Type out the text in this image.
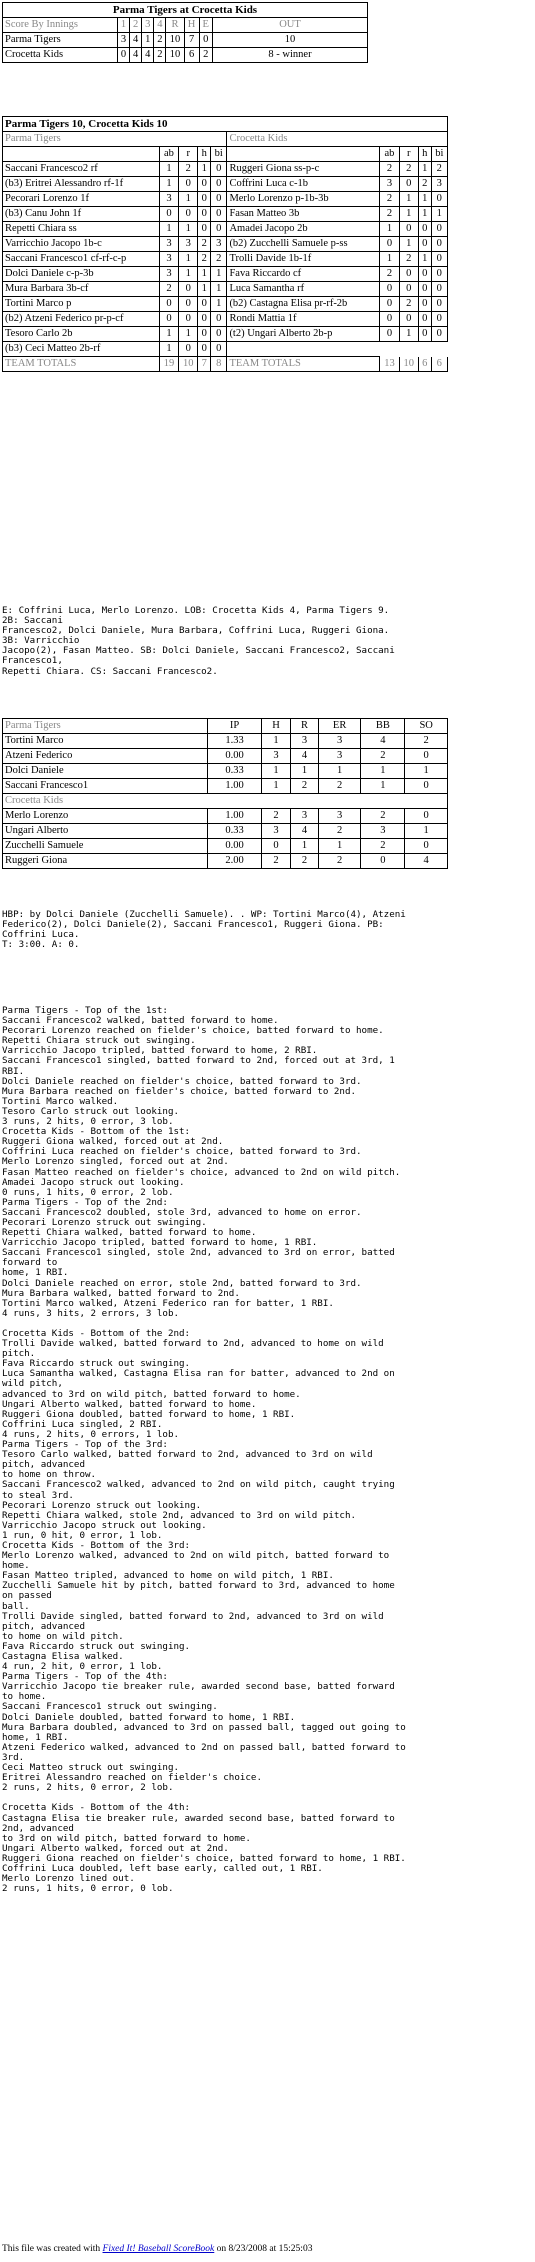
Parma Tigers at Crocetta Kids								
Score By Innings	1	2	3	4	R	H	E	OUT
Parma Tigers	3	4	1	2	10	7	0	10
Crocetta Kids	0	4	4	2	10	6	2	8 - winner
Parma Tigers 10, Crocetta Kids 10									
Parma Tigers					Crocetta Kids				
	ab	r	h	bi		ab	r	h	bi
Saccani Francesco2 rf	1	2	1	0	Ruggeri Giona ss-p-c	2	2	1	2
(b3) Eritrei Alessandro rf-1f	1	0	0	0	Coffrini Luca c-1b	3	0	2	3
Pecorari Lorenzo 1f	3	1	0	0	Merlo Lorenzo p-1b-3b	2	1	1	0
(b3) Canu John 1f	0	0	0	0	Fasan Matteo 3b	2	1	1	1
Repetti Chiara ss	1	1	0	0	Amadei Jacopo 2b	1	0	0	0
Varricchio Jacopo 1b-c	3	3	2	3	(b2) Zucchelli Samuele p-ss	0	1	0	0
Saccani Francesco1 cf-rf-c-p	3	1	2	2	Trolli Davide 1b-1f	1	2	1	0
Dolci Daniele c-p-3b	3	1	1	1	Fava Riccardo cf	2	0	0	0
Mura Barbara 3b-cf	2	0	1	1	Luca Samantha rf	0	0	0	0
Tortini Marco p	0	0	0	1	(b2) Castagna Elisa pr-rf-2b	0	2	0	0
(b2) Atzeni Federico pr-p-cf	0	0	0	0	Rondi Mattia 1f	0	0	0	0
Tesoro Carlo 2b	1	1	0	0	(t2) Ungari Alberto 2b-p	0	1	0	0
(b3) Ceci Matteo 2b-rf	1	0	0	0					
TEAM TOTALS	19	10	7	8	TEAM TOTALS	13	10	6	6
E: Coffrini Luca, Merlo Lorenzo. LOB: Crocetta Kids 4, Parma Tigers 9.
2B: Saccani
Francesco2, Dolci Daniele, Mura Barbara, Coffrini Luca, Ruggeri Giona.
3B: Varricchio
Jacopo(2), Fasan Matteo. SB: Dolci Daniele, Saccani Francesco2, Saccani
Francesco1,
Repetti Chiara. CS: Saccani Francesco2.
Parma Tigers	IP	H	R	ER	BB	SO
Tortini Marco	1.33	1	3	3	4	2
Atzeni Federico	0.00	3	4	3	2	0
Dolci Daniele	0.33	1	1	1	1	1
Saccani Francesco1	1.00	1	2	2	1	0
Crocetta Kids						
Merlo Lorenzo	1.00	2	3	3	2	0
Ungari Alberto	0.33	3	4	2	3	1
Zucchelli Samuele	0.00	0	1	1	2	0
Ruggeri Giona	2.00	2	2	2	0	4
HBP: by Dolci Daniele (Zucchelli Samuele). . WP: Tortini Marco(4), Atzeni
Federico(2), Dolci Daniele(2), Saccani Francesco1, Ruggeri Giona. PB:
Coffrini Luca.
T: 3:00. A: 0.
Parma Tigers - Top of the 1st:
Saccani Francesco2 walked, batted forward to home.
Pecorari Lorenzo reached on fielder's choice, batted forward to home.
Repetti Chiara struck out swinging.
Varricchio Jacopo tripled, batted forward to home, 2 RBI.
Saccani Francesco1 singled, batted forward to 2nd, forced out at 3rd, 1
RBI.
Dolci Daniele reached on fielder's choice, batted forward to 3rd.
Mura Barbara reached on fielder's choice, batted forward to 2nd.
Tortini Marco walked.
Tesoro Carlo struck out looking.
3 runs, 2 hits, 0 error, 3 lob.
Crocetta Kids - Bottom of the 1st:
Ruggeri Giona walked, forced out at 2nd.
Coffrini Luca reached on fielder's choice, batted forward to 3rd.
Merlo Lorenzo singled, forced out at 2nd.
Fasan Matteo reached on fielder's choice, advanced to 2nd on wild pitch.
Amadei Jacopo struck out looking.
0 runs, 1 hits, 0 error, 2 lob.
Parma Tigers - Top of the 2nd:
Saccani Francesco2 doubled, stole 3rd, advanced to home on error.
Pecorari Lorenzo struck out swinging.
Repetti Chiara walked, batted forward to home.
Varricchio Jacopo tripled, batted forward to home, 1 RBI.
Saccani Francesco1 singled, stole 2nd, advanced to 3rd on error, batted
forward to
home, 1 RBI.
Dolci Daniele reached on error, stole 2nd, batted forward to 3rd.
Mura Barbara walked, batted forward to 2nd.
Tortini Marco walked, Atzeni Federico ran for batter, 1 RBI.
4 runs, 3 hits, 2 errors, 3 lob.

Crocetta Kids - Bottom of the 2nd:
Trolli Davide walked, batted forward to 2nd, advanced to home on wild
pitch.
Fava Riccardo struck out swinging.
Luca Samantha walked, Castagna Elisa ran for batter, advanced to 2nd on
wild pitch,
advanced to 3rd on wild pitch, batted forward to home.
Ungari Alberto walked, batted forward to home.
Ruggeri Giona doubled, batted forward to home, 1 RBI.
Coffrini Luca singled, 2 RBI.
4 runs, 2 hits, 0 errors, 1 lob.
Parma Tigers - Top of the 3rd:
Tesoro Carlo walked, batted forward to 2nd, advanced to 3rd on wild
pitch, advanced
to home on throw.
Saccani Francesco2 walked, advanced to 2nd on wild pitch, caught trying
to steal 3rd.
Pecorari Lorenzo struck out looking.
Repetti Chiara walked, stole 2nd, advanced to 3rd on wild pitch.
Varricchio Jacopo struck out looking.
1 run, 0 hit, 0 error, 1 lob.
Crocetta Kids - Bottom of the 3rd:
Merlo Lorenzo walked, advanced to 2nd on wild pitch, batted forward to
home.
Fasan Matteo tripled, advanced to home on wild pitch, 1 RBI.
Zucchelli Samuele hit by pitch, batted forward to 3rd, advanced to home
on passed
ball.
Trolli Davide singled, batted forward to 2nd, advanced to 3rd on wild
pitch, advanced
to home on wild pitch.
Fava Riccardo struck out swinging.
Castagna Elisa walked.
4 run, 2 hit, 0 error, 1 lob.
Parma Tigers - Top of the 4th:
Varricchio Jacopo tie breaker rule, awarded second base, batted forward
to home.
Saccani Francesco1 struck out swinging.
Dolci Daniele doubled, batted forward to home, 1 RBI.
Mura Barbara doubled, advanced to 3rd on passed ball, tagged out going to
home, 1 RBI.
Atzeni Federico walked, advanced to 2nd on passed ball, batted forward to
3rd.
Ceci Matteo struck out swinging.
Eritrei Alessandro reached on fielder's choice.
2 runs, 2 hits, 0 error, 2 lob.

Crocetta Kids - Bottom of the 4th:
Castagna Elisa tie breaker rule, awarded second base, batted forward to
2nd, advanced
to 3rd on wild pitch, batted forward to home.
Ungari Alberto walked, forced out at 2nd.
Ruggeri Giona reached on fielder's choice, batted forward to home, 1 RBI.
Coffrini Luca doubled, left base early, called out, 1 RBI.
Merlo Lorenzo lined out.
2 runs, 1 hits, 0 error, 0 lob.
This file was created with Fixed It! Baseball ScoreBook on 8/23/2008 at 15:25:03
